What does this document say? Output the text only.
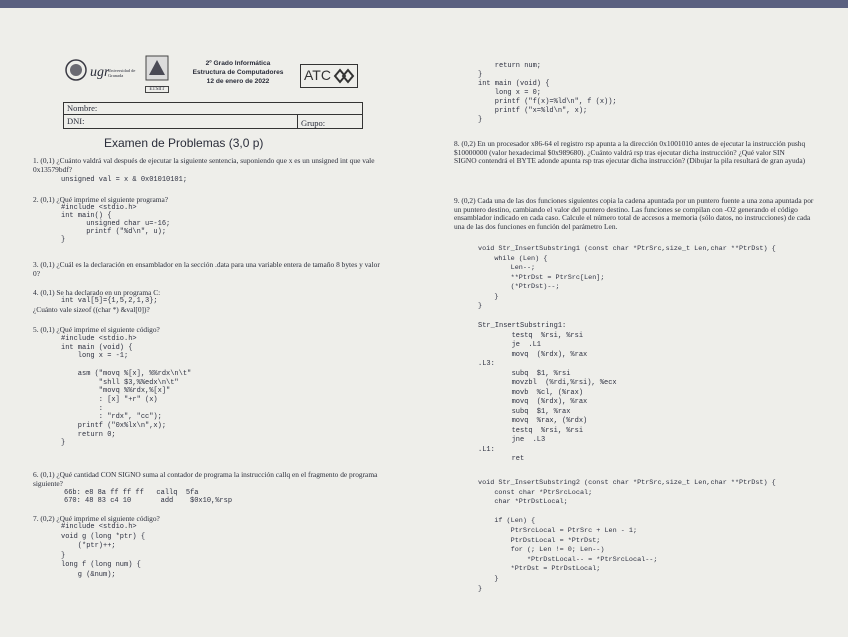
ugr
Universidad de Granada
ETSIIT
2º Grado Informática
Estructura de Computadores
12 de enero de 2022	ATC
Nombre:
DNI:	Grupo:
Examen de Problemas (3,0 p)
1. (0,1) ¿Cuánto valdrá val después de ejecutar la siguiente sentencia, suponiendo que x es un unsigned int que vale 0x13579bdf?
unsigned val = x & 0x01010101;
2. (0,1) ¿Qué imprime el siguiente programa?
#include <stdio.h>
int main() {
unsigned char u=-16;
printf ("%d\n", u);
}
3. (0,1) ¿Cuál es la declaración en ensamblador en la sección .data para una variable entera de tamaño 8 bytes y valor 0?
4. (0,1) Se ha declarado en un programa C:
int val[5]={1,5,2,1,3};
¿Cuánto vale sizeof ((char *) &val[0])?
5. (0,1) ¿Qué imprime el siguiente código?
#include <stdio.h>
int main (void) {
long x = -1;

asm ("movq %[x], %%rdx\n\t"
"shll $3,%%edx\n\t"
"movq %%rdx,%[x]"
: [x] "+r" (x)
:
: "rdx", "cc");
printf ("0x%lx\n",x);
return 0;
}
6. (0,1) ¿Qué cantidad CON SIGNO suma al contador de programa la instrucción callq en el fragmento de programa siguiente?
66b: e8 8a ff ff ff   callq  5fa
670: 48 83 c4 10       add    $0x10,%rsp
7. (0,2) ¿Qué imprime el siguiente código?
#include <stdio.h>
void g (long *ptr) {
(*ptr)++;
}
long f (long num) {
g (&num);
return num;
}
int main (void) {
long x = 0;
printf ("f(x)=%ld\n", f (x));
printf ("x=%ld\n", x);
}
8. (0,2) En un procesador x86-64 el registro rsp apunta a la dirección 0x1001010 antes de ejecutar la instrucción pushq $10000000 (valor hexadecimal $0x989680). ¿Cuánto valdrá rsp tras ejecutar dicha instrucción? ¿Qué valor SIN SIGNO contendrá el BYTE adonde apunta rsp tras ejecutar dicha instrucción? (Dibujar la pila resultará de gran ayuda)
9. (0,2) Cada una de las dos funciones siguientes copia la cadena apuntada por un puntero fuente a una zona apuntada por un puntero destino, cambiando el valor del puntero destino. Las funciones se compilan con -O2 generando el código ensamblador indicado en cada caso. Calcule el número total de accesos a memoria (sólo datos, no instrucciones) de cada una de las dos funciones en función del parámetro Len.
void Str_InsertSubstring1 (const char *PtrSrc,size_t Len,char **PtrDst) {
while (Len) {
Len--;
**PtrDst = PtrSrc[Len];
(*PtrDst)--;
}
}
Str_InsertSubstring1:
testq  %rsi, %rsi
je  .L1
movq  (%rdx), %rax
.L3:
subq  $1, %rsi
movzbl  (%rdi,%rsi), %ecx
movb  %cl, (%rax)
movq  (%rdx), %rax
subq  $1, %rax
movq  %rax, (%rdx)
testq  %rsi, %rsi
jne  .L3
.L1:
ret
void Str_InsertSubstring2 (const char *PtrSrc,size_t Len,char **PtrDst) {
const char *PtrSrcLocal;
char *PtrDstLocal;

if (Len) {
PtrSrcLocal = PtrSrc + Len - 1;
PtrDstLocal = *PtrDst;
for (; Len != 0; Len--)
*PtrDstLocal-- = *PtrSrcLocal--;
*PtrDst = PtrDstLocal;
}
}
